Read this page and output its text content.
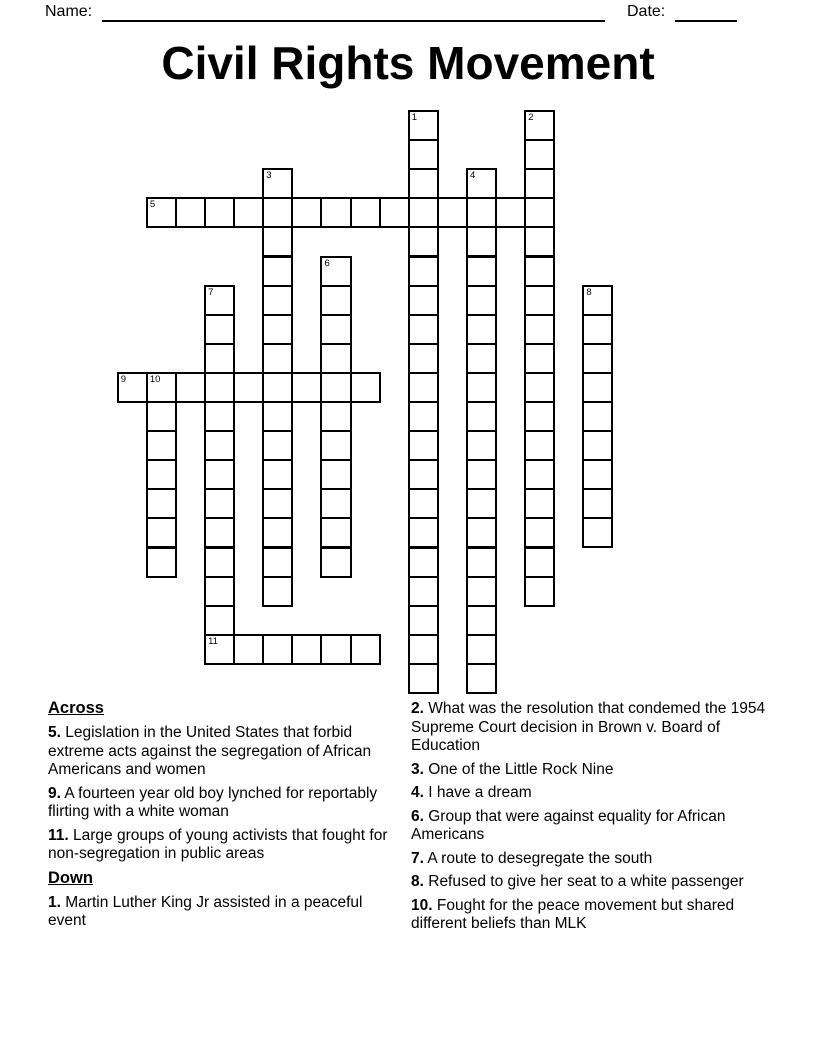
Name:	Date:
Civil Rights Movement
5
9	10
11
1	2
3	4
6
7	8
Across

5. Legislation in the United States that forbid extreme acts against the segregation of African Americans and women

9. A fourteen year old boy lynched for reportably flirting with a white woman

11. Large groups of young activists that fought for non-segregation in public areas

Down

1. Martin Luther King Jr assisted in a peaceful event

2. What was the resolution that condemed the 1954 Supreme Court decision in Brown v. Board of Education

3. One of the Little Rock Nine

4. I have a dream

6. Group that were against equality for African Americans

7. A route to desegregate the south

8. Refused to give her seat to a white passenger

10. Fought for the peace movement but shared different beliefs than MLK
